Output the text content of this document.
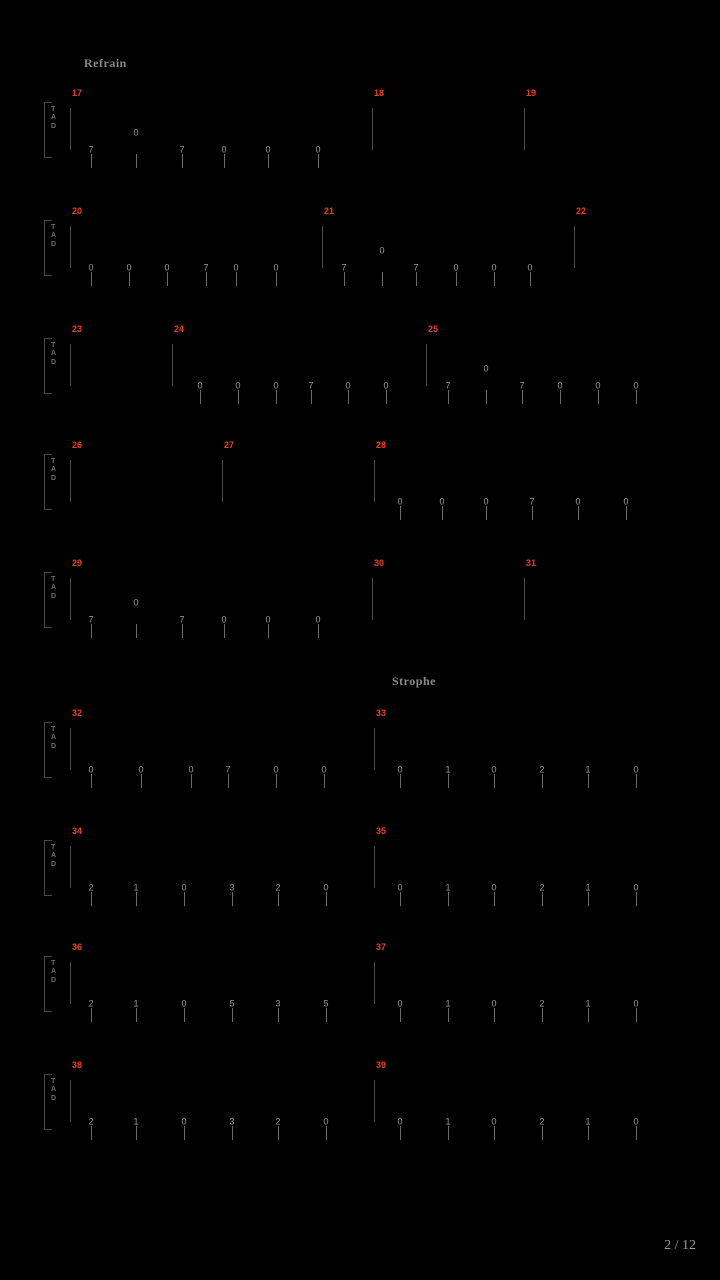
Refrain
Strophe
T
A
D
17	18	19
7
0
7	0	0	0
T
A
D
20	21	22
0	0	0	7	0	0	7
0
7	0	0	0
T
A
D
23	24	25
0	0	0	7	0	0	7
0
7	0	0	0
T
A
D
26	27	28
0	0	0	7	0	0
T
A
D
29	30	31
7
0
7	0	0	0
T
A
D
32	33
0	0	0	7	0	0	0	1	0	2	1	0
T
A
D
34	35
2	1	0	3	2	0	0	1	0	2	1	0
T
A
D
36	37
2	1	0	5	3	5	0	1	0	2	1	0
T
A
D
38	39
2	1	0	3	2	0	0	1	0	2	1	0
2 / 12
